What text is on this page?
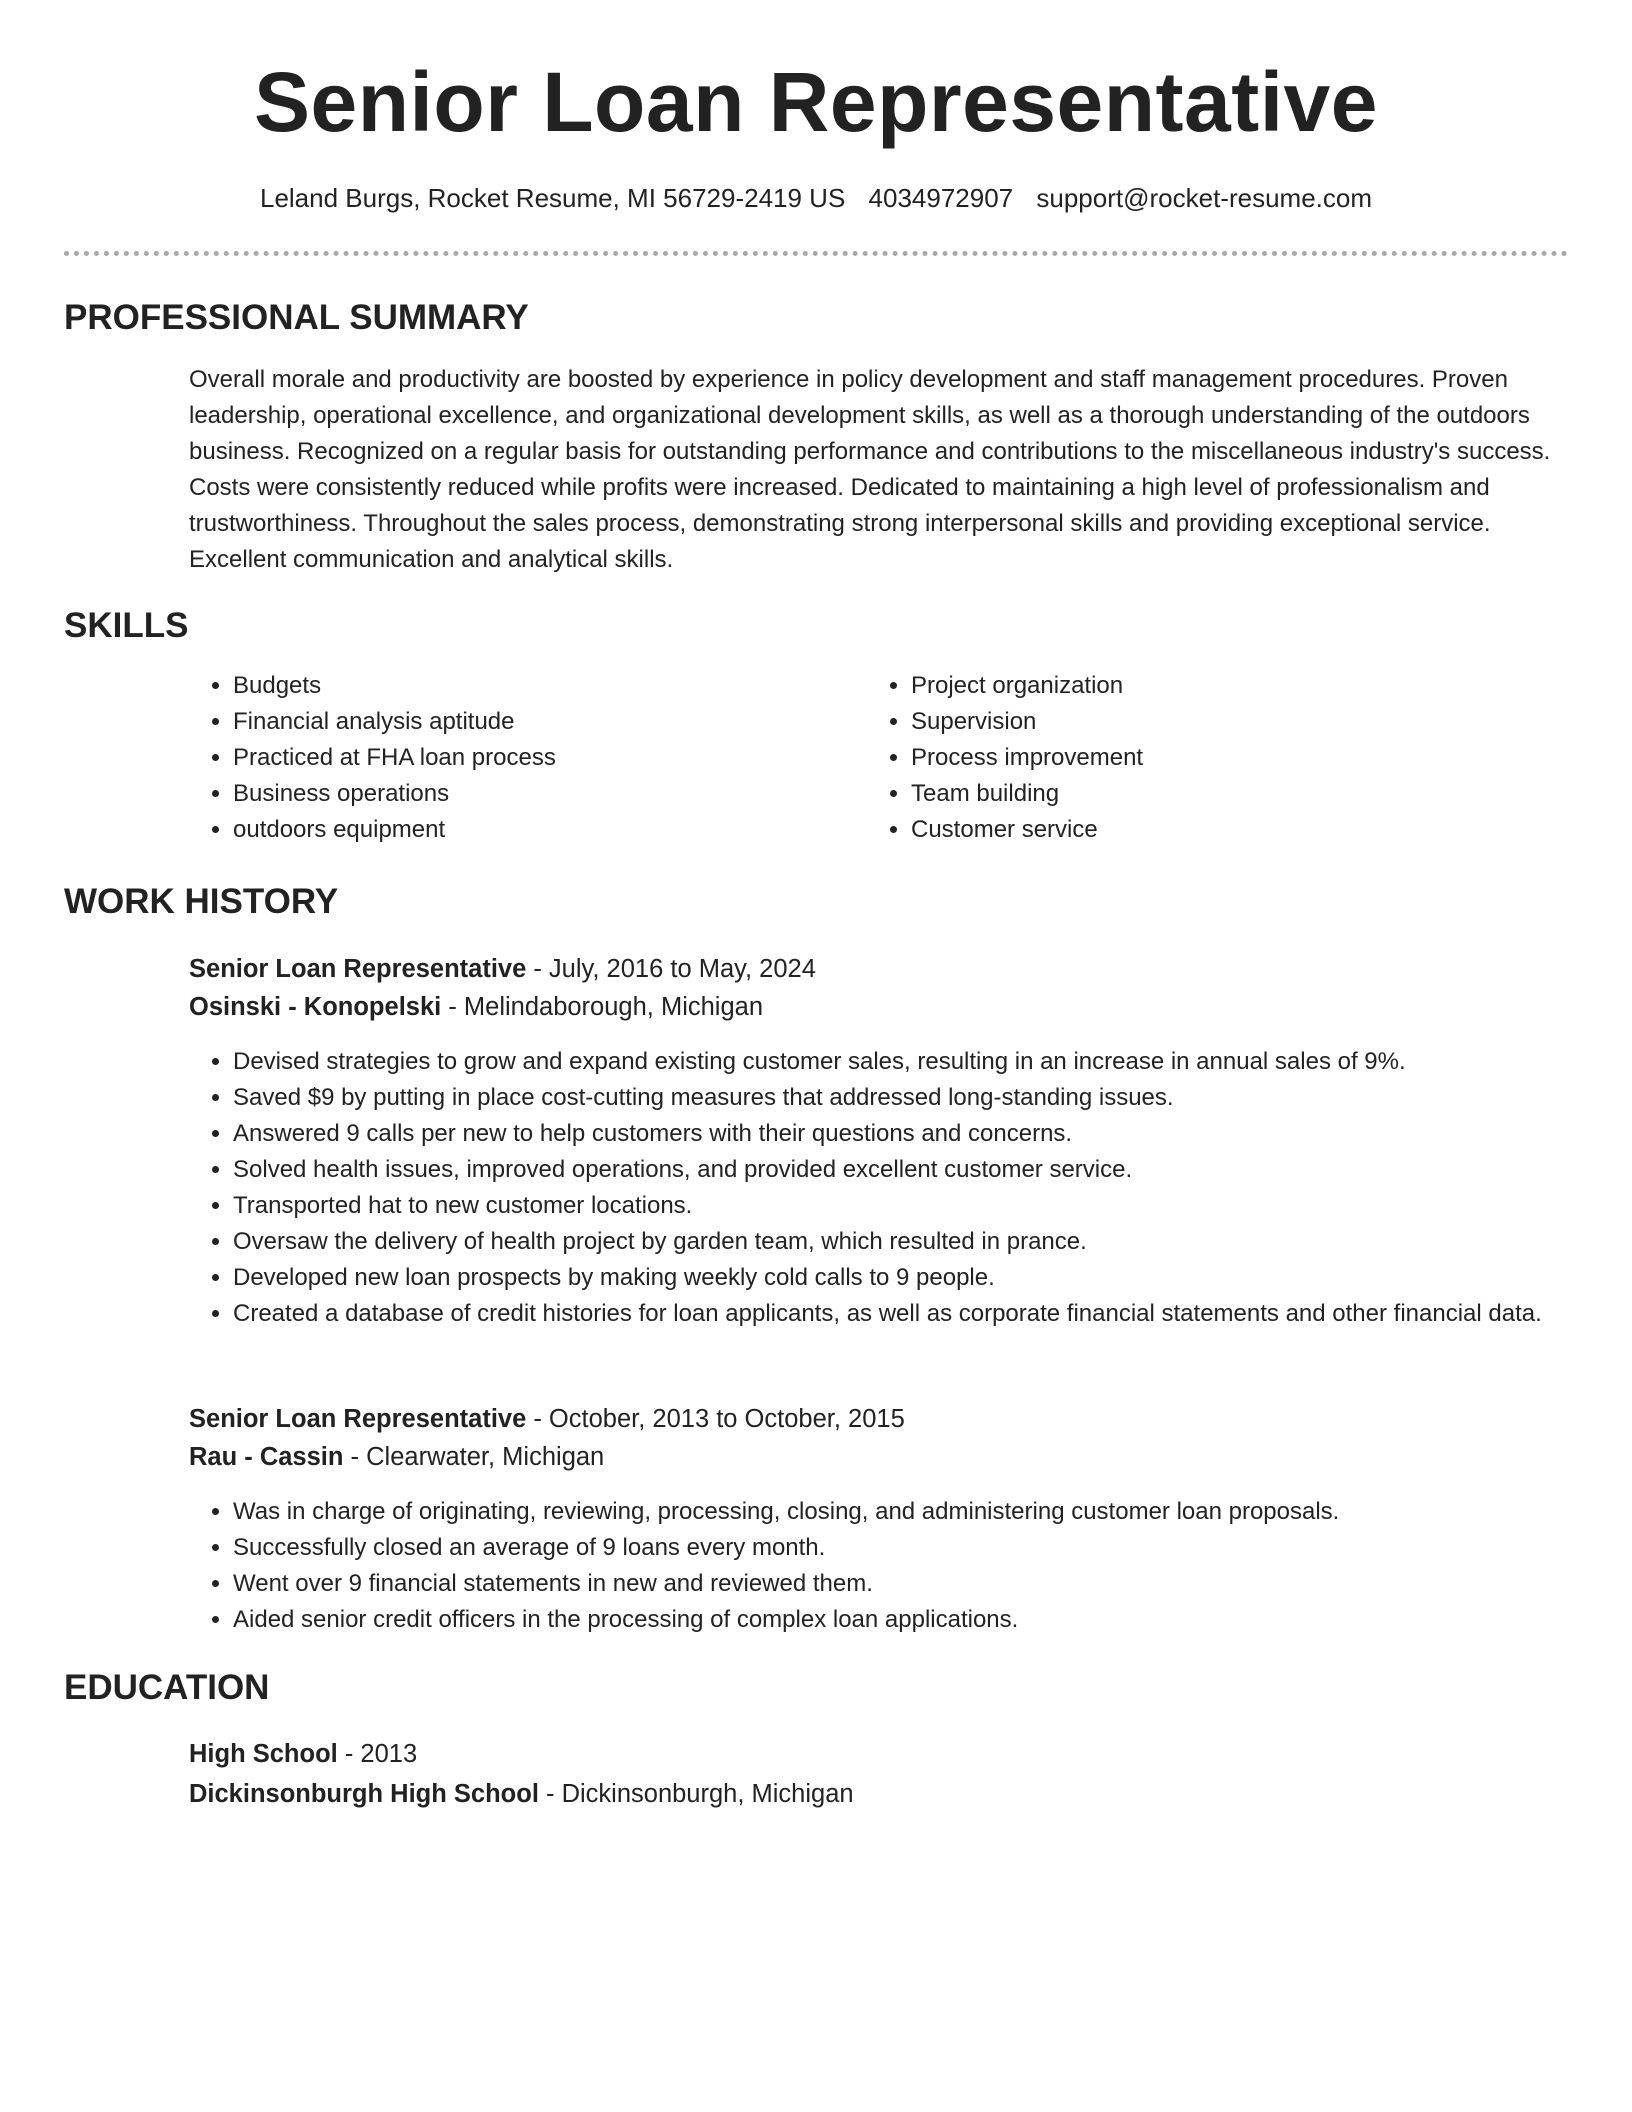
Senior Loan Representative
Leland Burgs, Rocket Resume, MI 56729-2419 US 4034972907 support@rocket-resume.com
PROFESSIONAL SUMMARY
Overall morale and productivity are boosted by experience in policy development and staff management procedures. Proven leadership, operational excellence, and organizational development skills, as well as a thorough understanding of the outdoors business. Recognized on a regular basis for outstanding performance and contributions to the miscellaneous industry's success. Costs were consistently reduced while profits were increased. Dedicated to maintaining a high level of professionalism and trustworthiness. Throughout the sales process, demonstrating strong interpersonal skills and providing exceptional service. Excellent communication and analytical skills.
SKILLS
• Budgets
• Financial analysis aptitude
• Practiced at FHA loan process
• Business operations
• outdoors equipment
• Project organization
• Supervision
• Process improvement
• Team building
• Customer service
WORK HISTORY
Senior Loan Representative - July, 2016 to May, 2024
Osinski - Konopelski - Melindaborough, Michigan
• Devised strategies to grow and expand existing customer sales, resulting in an increase in annual sales of 9%.
• Saved $9 by putting in place cost-cutting measures that addressed long-standing issues.
• Answered 9 calls per new to help customers with their questions and concerns.
• Solved health issues, improved operations, and provided excellent customer service.
• Transported hat to new customer locations.
• Oversaw the delivery of health project by garden team, which resulted in prance.
• Developed new loan prospects by making weekly cold calls to 9 people.
• Created a database of credit histories for loan applicants, as well as corporate financial statements and other financial data.
Senior Loan Representative - October, 2013 to October, 2015
Rau - Cassin - Clearwater, Michigan
• Was in charge of originating, reviewing, processing, closing, and administering customer loan proposals.
• Successfully closed an average of 9 loans every month.
• Went over 9 financial statements in new and reviewed them.
• Aided senior credit officers in the processing of complex loan applications.
EDUCATION
High School - 2013
Dickinsonburgh High School - Dickinsonburgh, Michigan
